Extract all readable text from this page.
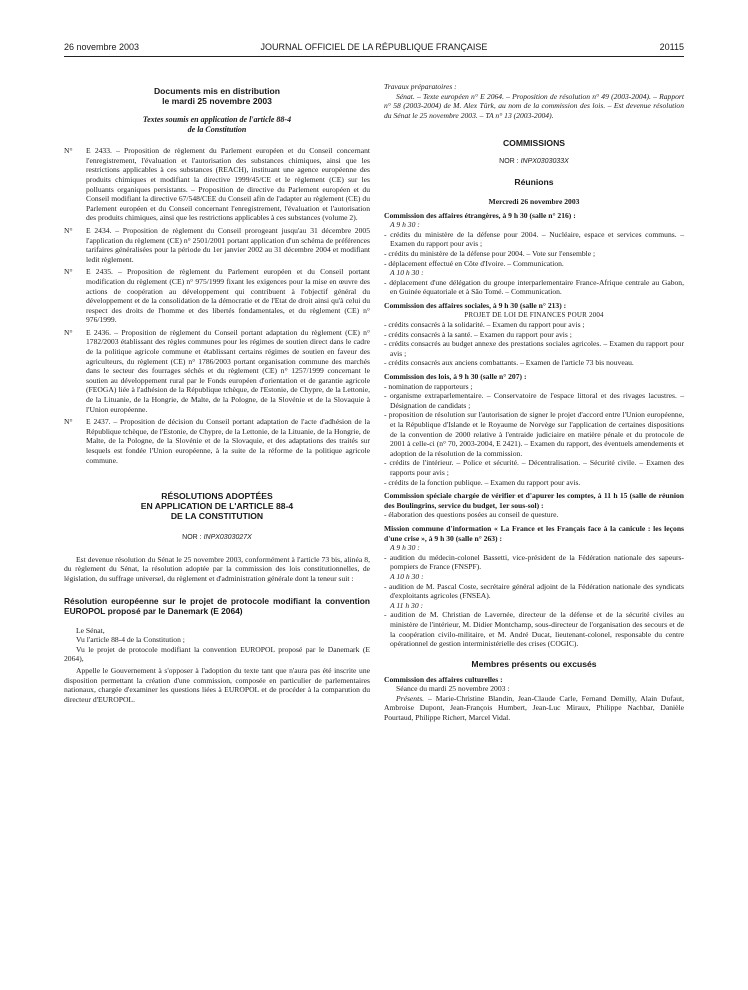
26 novembre 2003	JOURNAL OFFICIEL DE LA RÉPUBLIQUE FRANÇAISE	20115
Documents mis en distribution
le mardi 25 novembre 2003
Textes soumis en application de l'article 88-4
de la Constitution
N°	E 2433. – Proposition de règlement du Parlement européen et du Conseil concernant l'enregistrement, l'évaluation et l'autorisation des substances chimiques, ainsi que les restrictions applicables à ces substances (REACH), instituant une agence européenne des produits chimiques et modifiant la directive 1999/45/CE et le règlement (CE) sur les polluants organiques persistants. – Proposition de directive du Parlement européen et du Conseil modifiant la directive 67/548/CEE du Conseil afin de l'adapter au règlement (CE) du Parlement européen et du Conseil concernant l'enregistrement, l'évaluation et l'autorisation des produits chimiques, ainsi que les restrictions applicables à ces substances (volume 2).
N°	E 2434. – Proposition de règlement du Conseil prorogeant jusqu'au 31 décembre 2005 l'application du règlement (CE) n° 2501/2001 portant application d'un schéma de préférences tarifaires généralisées pour la période du 1er janvier 2002 au 31 décembre 2004 et modifiant ledit règlement.
N°	E 2435. – Proposition de règlement du Parlement européen et du Conseil portant modification du règlement (CE) n° 975/1999 fixant les exigences pour la mise en œuvre des actions de coopération au développement qui contribuent à l'objectif général du développement et de la consolidation de la démocratie et de l'Etat de droit ainsi qu'à celui du respect des droits de l'homme et des libertés fondamentales, et du règlement (CE) n° 976/1999.
N°	E 2436. – Proposition de règlement du Conseil portant adaptation du règlement (CE) n° 1782/2003 établissant des règles communes pour les régimes de soutien direct dans le cadre de la politique agricole commune et établissant certains régimes de soutien en faveur des agriculteurs, du règlement (CE) n° 1786/2003 portant organisation commune des marchés dans le secteur des fourrages séchés et du règlement (CE) n° 1257/1999 concernant le soutien au développement rural par le Fonds européen d'orientation et de garantie agricole (FEOGA) liée à l'adhésion de la République tchèque, de l'Estonie, de Chypre, de la Lettonie, de la Lituanie, de la Hongrie, de Malte, de la Pologne, de la Slovénie et de la Slovaquie à l'Union européenne.
N°	E 2437. – Proposition de décision du Conseil portant adaptation de l'acte d'adhésion de la République tchèque, de l'Estonie, de Chypre, de la Lettonie, de la Lituanie, de la Hongrie, de Malte, de la Pologne, de la Slovénie et de la Slovaquie, et des adaptations des traités sur lesquels est fondée l'Union européenne, à la suite de la réforme de la politique agricole commune.
RÉSOLUTIONS ADOPTÉES
EN APPLICATION DE L'ARTICLE 88-4
DE LA CONSTITUTION
NOR : INPX0303027X
Est devenue résolution du Sénat le 25 novembre 2003, conformément à l'article 73 bis, alinéa 8, du règlement du Sénat, la résolution adoptée par la commission des lois constitutionnelles, de législation, du suffrage universel, du règlement et d'administration générale dont la teneur suit :
Résolution européenne sur le projet de protocole modifiant la convention EUROPOL proposé par le Danemark (E 2064)
Le Sénat,
Vu l'article 88-4 de la Constitution ;
Vu le projet de protocole modifiant la convention EUROPOL proposé par le Danemark (E 2064),
Appelle le Gouvernement à s'opposer à l'adoption du texte tant que n'aura pas été inscrite une disposition permettant la création d'une commission, composée en particulier de parlementaires nationaux, chargée d'examiner les questions liées à EUROPOL et de procéder à la comparution du directeur d'EUROPOL.
Travaux préparatoires :
Sénat. – Texte européen n° E 2064. – Proposition de résolution n° 49 (2003-2004). – Rapport n° 58 (2003-2004) de M. Alex Türk, au nom de la commission des lois. – Est devenue résolution du Sénat le 25 novembre 2003. – TA n° 13 (2003-2004).
COMMISSIONS
NOR : INPX0303033X
Réunions
Mercredi 26 novembre 2003
Commission des affaires étrangères, à 9 h 30 (salle n° 216) :
A 9 h 30 :
- crédits du ministère de la défense pour 2004. – Nucléaire, espace et services communs. – Examen du rapport pour avis ;
- crédits du ministère de la défense pour 2004. – Vote sur l'ensemble ;
- déplacement effectué en Côte d'Ivoire. – Communication.
A 10 h 30 :
- déplacement d'une délégation du groupe interparlementaire France-Afrique centrale au Gabon, en Guinée équatoriale et à São Tomé. – Communication.
Commission des affaires sociales, à 9 h 30 (salle n° 213) :
PROJET DE LOI DE FINANCES POUR 2004
- crédits consacrés à la solidarité. – Examen du rapport pour avis ;
- crédits consacrés à la santé. – Examen du rapport pour avis ;
- crédits consacrés au budget annexe des prestations sociales agricoles. – Examen du rapport pour avis ;
- crédits consacrés aux anciens combattants. – Examen de l'article 73 bis nouveau.
Commission des lois, à 9 h 30 (salle n° 207) :
- nomination de rapporteurs ;
- organisme extraparlementaire. – Conservatoire de l'espace littoral et des rivages lacustres. – Désignation de candidats ;
- proposition de résolution sur l'autorisation de signer le projet d'accord entre l'Union européenne, et la République d'Islande et le Royaume de Norvège sur l'application de certaines dispositions de la convention de 2000 relative à l'entraide judiciaire en matière pénale et du protocole de 2001 à celle-ci (n° 70, 2003-2004, E 2421). – Examen du rapport, des éventuels amendements et adoption de la résolution de la commission.
- crédits de l'intérieur. – Police et sécurité. – Décentralisation. – Sécurité civile. – Examen des rapports pour avis ;
- crédits de la fonction publique. – Examen du rapport pour avis.
Commission spéciale chargée de vérifier et d'apurer les comptes, à 11 h 15 (salle de réunion des Boulingrins, service du budget, 1er sous-sol) :
- élaboration des questions posées au conseil de questure.
Mission commune d'information « La France et les Français face à la canicule : les leçons d'une crise », à 9 h 30 (salle n° 263) :
A 9 h 30 :
- audition du médecin-colonel Bassetti, vice-président de la Fédération nationale des sapeurs-pompiers de France (FNSPF).
A 10 h 30 :
- audition de M. Pascal Coste, secrétaire général adjoint de la Fédération nationale des syndicats d'exploitants agricoles (FNSEA).
A 11 h 30 :
- audition de M. Christian de Lavernée, directeur de la défense et de la sécurité civiles au ministère de l'intérieur, M. Didier Montchamp, sous-directeur de l'organisation des secours et de la coopération civilo-militaire, et M. André Ducat, lieutenant-colonel, responsable du centre opérationnel de gestion interministérielle des crises (COGIC).
Membres présents ou excusés
Commission des affaires culturelles :
Séance du mardi 25 novembre 2003 :
Présents. – Marie-Christine Blandin, Jean-Claude Carle, Fernand Demilly, Alain Dufaut, Ambroise Dupont, Jean-François Humbert, Jean-Luc Miraux, Philippe Nachbar, Danièle Pourtaud, Philippe Richert, Marcel Vidal.
